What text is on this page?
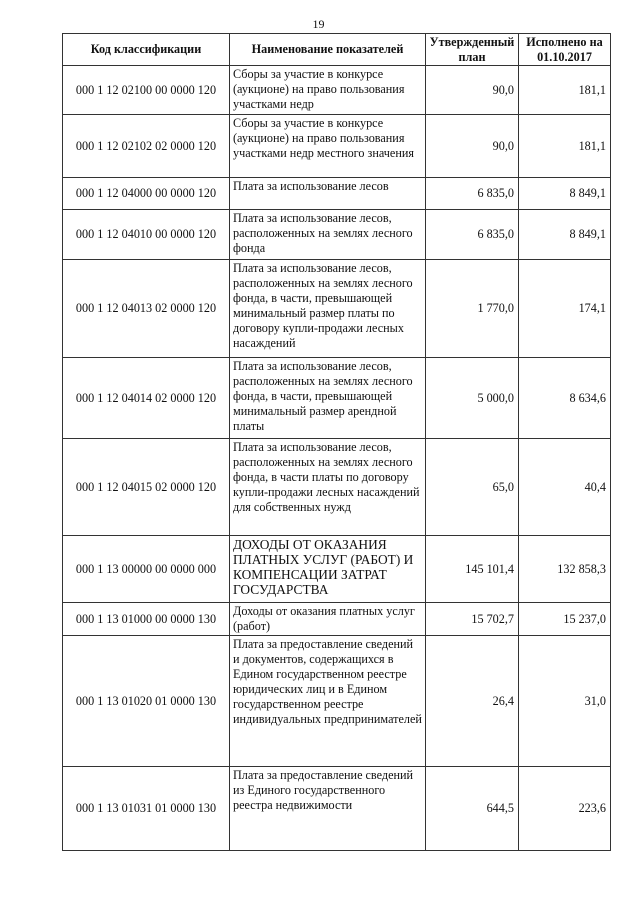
19
Код классификации	Наименование показателей	Утвержденный план	Исполнено на 01.10.2017
000 1 12 02100 00 0000 120	Сборы за участие в конкурсе (аукционе) на право пользования участками недр	90,0	181,1
000 1 12 02102 02 0000 120	Сборы за участие в конкурсе (аукционе) на право пользования участками недр местного значения	90,0	181,1
000 1 12 04000 00 0000 120	Плата за использование лесов	6 835,0	8 849,1
000 1 12 04010 00 0000 120	Плата за использование лесов, расположенных на землях лесного фонда	6 835,0	8 849,1
000 1 12 04013 02 0000 120	Плата за использование лесов, расположенных на землях лесного фонда, в части, превышающей минимальный размер платы по договору купли-продажи лесных насаждений	1 770,0	174,1
000 1 12 04014 02 0000 120	Плата за использование лесов, расположенных на землях лесного фонда, в части, превышающей минимальный размер арендной платы	5 000,0	8 634,6
000 1 12 04015 02 0000 120	Плата за использование лесов, расположенных на землях лесного фонда, в части платы по договору купли-продажи лесных насаждений для собственных нужд	65,0	40,4
000 1 13 00000 00 0000 000	ДОХОДЫ ОТ ОКАЗАНИЯ ПЛАТНЫХ УСЛУГ (РАБОТ) И КОМПЕНСАЦИИ ЗАТРАТ ГОСУДАРСТВА	145 101,4	132 858,3
000 1 13 01000 00 0000 130	Доходы от оказания платных услуг (работ)	15 702,7	15 237,0
000 1 13 01020 01 0000 130	Плата за предоставление сведений и документов, содержащихся в Едином государственном реестре юридических лиц и в Едином государственном реестре индивидуальных предпринимателей	26,4	31,0
000 1 13 01031 01 0000 130	Плата за предоставление сведений из Единого государственного реестра недвижимости	644,5	223,6
